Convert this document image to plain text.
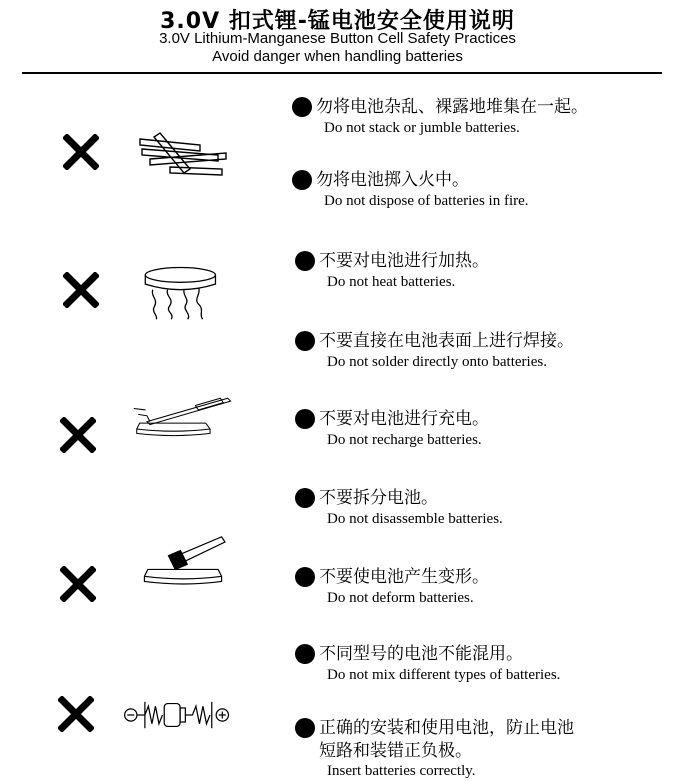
3.0V 扣式锂-锰电池安全使用说明
3.0V Lithium-Manganese Button Cell Safety Practices
Avoid danger when handling batteries
勿将电池杂乱、裸露地堆集在一起。
Do not stack or jumble batteries.
勿将电池掷入火中。
Do not dispose of batteries in fire.
不要对电池进行加热。
Do not heat batteries.
不要直接在电池表面上进行焊接。
Do not solder directly onto batteries.
不要对电池进行充电。
Do not recharge batteries.
不要拆分电池。
Do not disassemble batteries.
不要使电池产生变形。
Do not deform batteries.
不同型号的电池不能混用。
Do not mix different types of batteries.
正确的安装和使用电池，防止电池
短路和装错正负极。
Insert batteries correctly.
